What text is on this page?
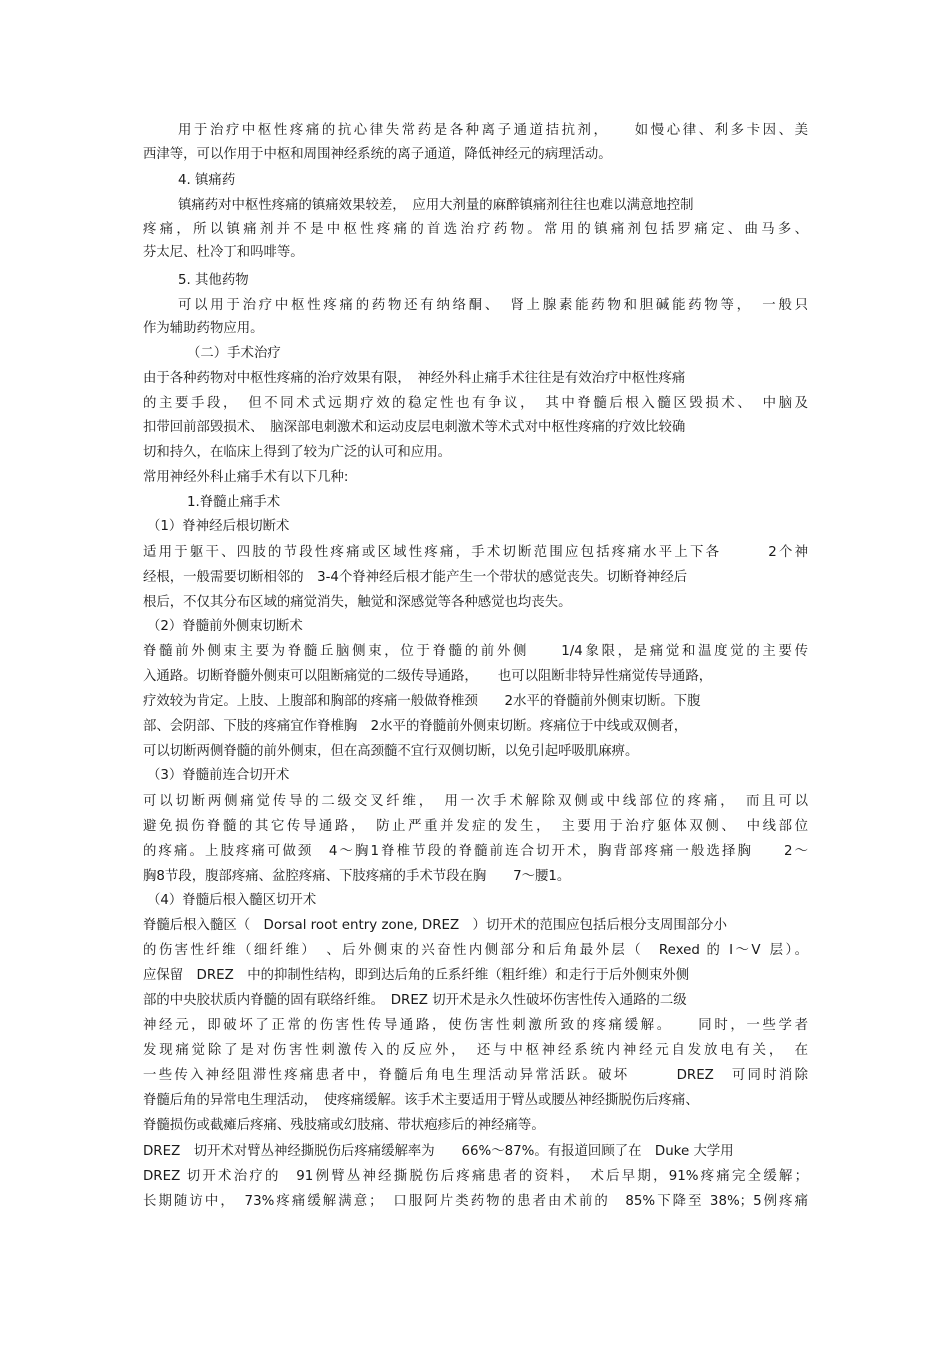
用于治疗中枢性疼痛的抗心律失常药是各种离子通道拮抗剂，　　如慢心律、利多卡因、美
西津等，可以作用于中枢和周围神经系统的离子通道，降低神经元的病理活动。
4. 镇痛药
镇痛药对中枢性疼痛的镇痛效果较差，　应用大剂量的麻醉镇痛剂往往也难以满意地控制
疼痛，所以镇痛剂并不是中枢性疼痛的首选治疗药物。常用的镇痛剂包括罗痛定、曲马多、
芬太尼、杜冷丁和吗啡等。
5. 其他药物
可以用于治疗中枢性疼痛的药物还有纳络酮、　肾上腺素能药物和胆碱能药物等，　一般只
作为辅助药物应用。
（二）手术治疗
由于各种药物对中枢性疼痛的治疗效果有限，　神经外科止痛手术往往是有效治疗中枢性疼痛
的主要手段，　但不同术式远期疗效的稳定性也有争议，　其中脊髓后根入髓区毁损术、　中脑及
扣带回前部毁损术、　脑深部电刺激术和运动皮层电刺激术等术式对中枢性疼痛的疗效比较确
切和持久，在临床上得到了较为广泛的认可和应用。
常用神经外科止痛手术有以下几种:
1.脊髓止痛手术
（1）脊神经后根切断术
适用于躯干、四肢的节段性疼痛或区域性疼痛，手术切断范围应包括疼痛水平上下各　　　2个神
经根，一般需要切断相邻的　3-4个脊神经后根才能产生一个带状的感觉丧失。切断脊神经后
根后，不仅其分布区域的痛觉消失，触觉和深感觉等各种感觉也均丧失。
（2）脊髓前外侧束切断术
脊髓前外侧束主要为脊髓丘脑侧束，位于脊髓的前外侧　　1/4象限，是痛觉和温度觉的主要传
入通路。切断脊髓外侧束可以阻断痛觉的二级传导通路，　　也可以阻断非特异性痛觉传导通路，
疗效较为肯定。上肢、上腹部和胸部的疼痛一般做脊椎颈　　2水平的脊髓前外侧束切断。下腹
部、会阴部、下肢的疼痛宜作脊椎胸　2水平的脊髓前外侧束切断。疼痛位于中线或双侧者，
可以切断两侧脊髓的前外侧束，但在高颈髓不宜行双侧切断，以免引起呼吸肌麻痹。
（3）脊髓前连合切开术
可以切断两侧痛觉传导的二级交叉纤维，　用一次手术解除双侧或中线部位的疼痛，　而且可以
避免损伤脊髓的其它传导通路，　防止严重并发症的发生，　主要用于治疗躯体双侧、　中线部位
的疼痛。上肢疼痛可做颈　4～胸1脊椎节段的脊髓前连合切开术，胸背部疼痛一般选择胸　　2～
胸8节段，腹部疼痛、盆腔疼痛、下肢疼痛的手术节段在胸　　7～腰1。
（4）脊髓后根入髓区切开术
脊髓后根入髓区（　Dorsal root entry zone, DREZ　）切开术的范围应包括后根分支周围部分小
的伤害性纤维（细纤维）　、后外侧束的兴奋性内侧部分和后角最外层（　Rexed 的 Ⅰ～Ⅴ 层）。
应保留　DREZ　中的抑制性结构，即到达后角的丘系纤维（粗纤维）和走行于后外侧束外侧
部的中央胶状质内脊髓的固有联络纤维。　DREZ 切开术是永久性破坏伤害性传入通路的二级
神经元，即破坏了正常的伤害性传导通路，使伤害性刺激所致的疼痛缓解。　　同时，一些学者
发现痛觉除了是对伤害性刺激传入的反应外，　还与中枢神经系统内神经元自发放电有关，　在
一些传入神经阻滞性疼痛患者中，脊髓后角电生理活动异常活跃。破坏　　　DREZ　可同时消除
脊髓后角的异常电生理活动，　使疼痛缓解。该手术主要适用于臂丛或腰丛神经撕脱伤后疼痛、
脊髓损伤或截瘫后疼痛、残肢痛或幻肢痛、带状疱疹后的神经痛等。
DREZ　切开术对臂丛神经撕脱伤后疼痛缓解率为　　66%～87%。有报道回顾了在　Duke 大学用
DREZ 切开术治疗的　91例臂丛神经撕脱伤后疼痛患者的资料，　术后早期，91%疼痛完全缓解；
长期随访中，　73%疼痛缓解满意；　口服阿片类药物的患者由术前的　85%下降至 38%；5例疼痛
